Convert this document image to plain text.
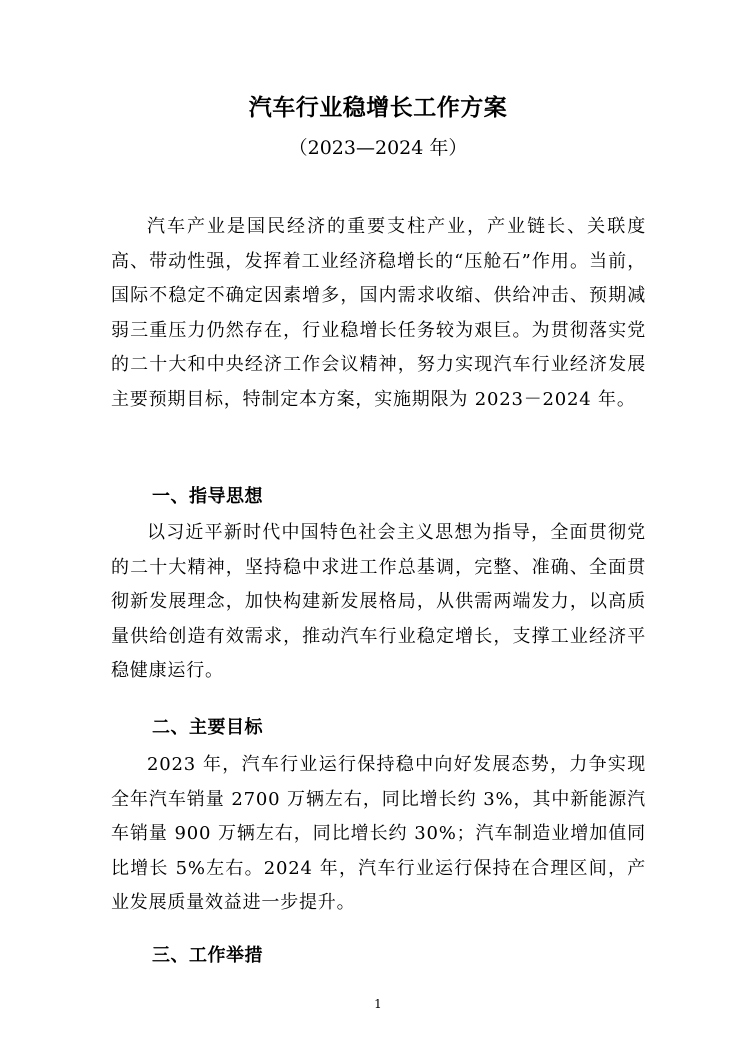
汽车行业稳增长工作方案
（2023—2024 年）

汽车产业是国民经济的重要支柱产业，产业链长、关联度高、带动性强，发挥着工业经济稳增长的“压舱石”作用。当前，国际不稳定不确定因素增多，国内需求收缩、供给冲击、预期减弱三重压力仍然存在，行业稳增长任务较为艰巨。为贯彻落实党的二十大和中央经济工作会议精神，努力实现汽车行业经济发展主要预期目标，特制定本方案，实施期限为 2023－2024 年。

一、指导思想

以习近平新时代中国特色社会主义思想为指导，全面贯彻党的二十大精神，坚持稳中求进工作总基调，完整、准确、全面贯彻新发展理念，加快构建新发展格局，从供需两端发力，以高质量供给创造有效需求，推动汽车行业稳定增长，支撑工业经济平稳健康运行。

二、主要目标

2023 年，汽车行业运行保持稳中向好发展态势，力争实现全年汽车销量 2700 万辆左右，同比增长约 3%，其中新能源汽车销量 900 万辆左右，同比增长约 30%；汽车制造业增加值同比增长 5%左右。2024 年，汽车行业运行保持在合理区间，产业发展质量效益进一步提升。

三、工作举措
1
